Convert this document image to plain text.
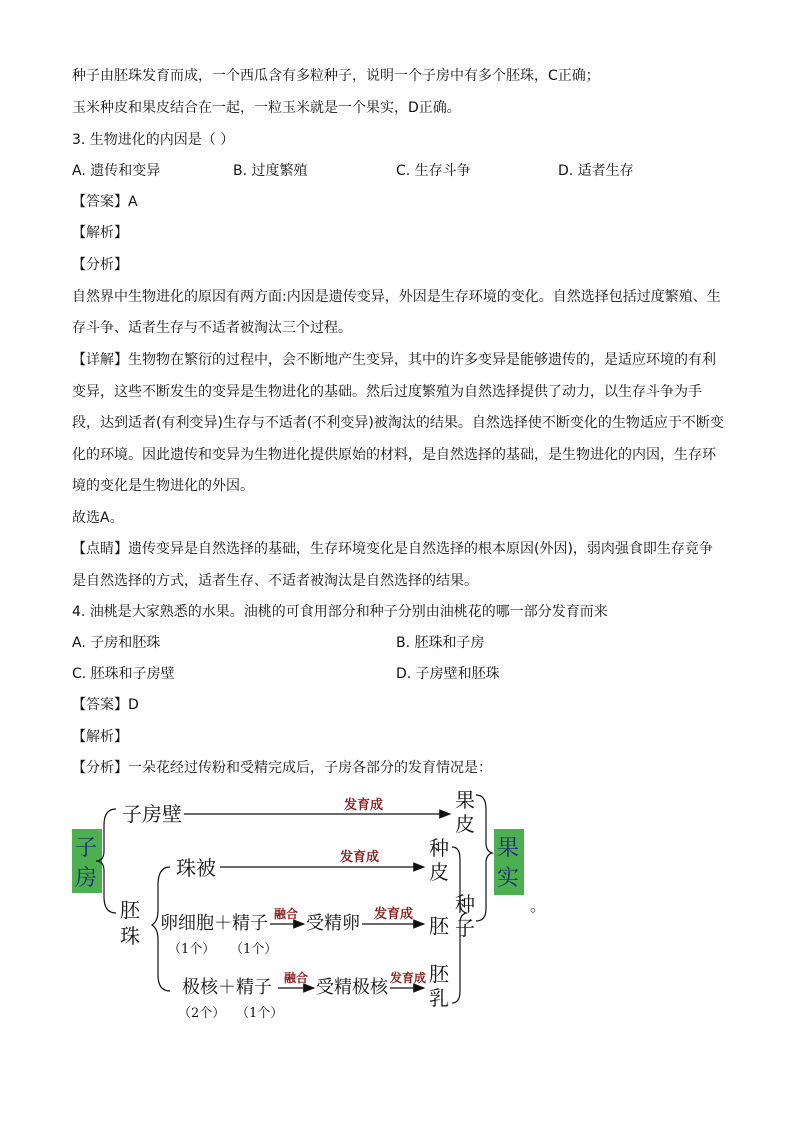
种子由胚珠发育而成，一个西瓜含有多粒种子，说明一个子房中有多个胚珠，C正确；
玉米种皮和果皮结合在一起，一粒玉米就是一个果实，D正确。
3. 生物进化的内因是（ ）
A. 遗传和变异	B. 过度繁殖	C. 生存斗争	D. 适者生存
【答案】A
【解析】
【分析】
自然界中生物进化的原因有两方面:内因是遗传变异，外因是生存环境的变化。自然选择包括过度繁殖、生
存斗争、适者生存与不适者被淘汰三个过程。
【详解】生物物在繁衍的过程中，会不断地产生变异，其中的许多变异是能够遗传的，是适应环境的有利
变异，这些不断发生的变异是生物进化的基础。然后过度繁殖为自然选择提供了动力，以生存斗争为手
段，达到适者(有利变异)生存与不适者(不利变异)被淘汰的结果。自然选择使不断变化的生物适应于不断变
化的环境。因此遗传和变异为生物进化提供原始的材料，是自然选择的基础，是生物进化的内因，生存环
境的变化是生物进化的外因。
故选A。
【点睛】遗传变异是自然选择的基础，生存环境变化是自然选择的根本原因(外因)，弱肉强食即生存竞争
是自然选择的方式，适者生存、不适者被淘汰是自然选择的结果。
4. 油桃是大家熟悉的水果。油桃的可食用部分和种子分别由油桃花的哪一部分发育而来
A. 子房和胚珠	B. 胚珠和子房
C. 胚珠和子房壁	D. 子房壁和胚珠
【答案】D
【解析】
【分析】一朵花经过传粉和受精完成后，子房各部分的发育情况是：
子
房
子房壁	发育成
胚
珠
珠被	发育成
卵细胞＋精子
（1个） （1个）
融合 受精卵 发育成
极核＋精子
（2个） （1个）
融合 受精极核 发育成
果
皮
种
皮
胚
胚
乳
种
子
果
实
。
